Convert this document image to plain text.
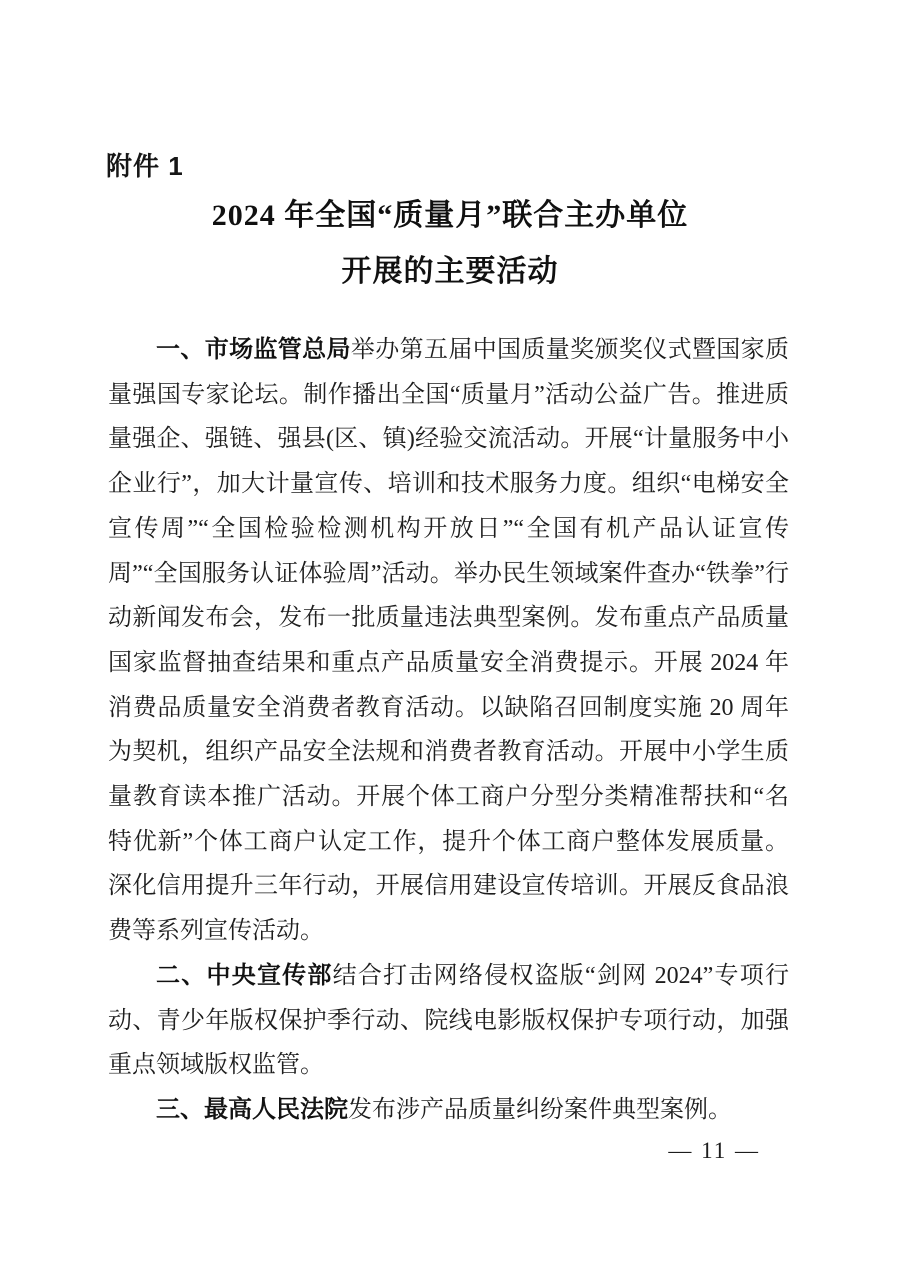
附件 1
2024 年全国“质量月”联合主办单位
开展的主要活动

一、市场监管总局举办第五届中国质量奖颁奖仪式暨国家质量强国专家论坛。制作播出全国“质量月”活动公益广告。推进质量强企、强链、强县(区、镇)经验交流活动。开展“计量服务中小企业行”，加大计量宣传、培训和技术服务力度。组织“电梯安全宣传周”“全国检验检测机构开放日”“全国有机产品认证宣传周”“全国服务认证体验周”活动。举办民生领域案件查办“铁拳”行动新闻发布会，发布一批质量违法典型案例。发布重点产品质量国家监督抽查结果和重点产品质量安全消费提示。开展 2024 年消费品质量安全消费者教育活动。以缺陷召回制度实施 20 周年为契机，组织产品安全法规和消费者教育活动。开展中小学生质量教育读本推广活动。开展个体工商户分型分类精准帮扶和“名特优新”个体工商户认定工作，提升个体工商户整体发展质量。深化信用提升三年行动，开展信用建设宣传培训。开展反食品浪费等系列宣传活动。

二、中央宣传部结合打击网络侵权盗版“剑网 2024”专项行动、青少年版权保护季行动、院线电影版权保护专项行动，加强重点领域版权监管。

三、最高人民法院发布涉产品质量纠纷案件典型案例。

— 11 —
